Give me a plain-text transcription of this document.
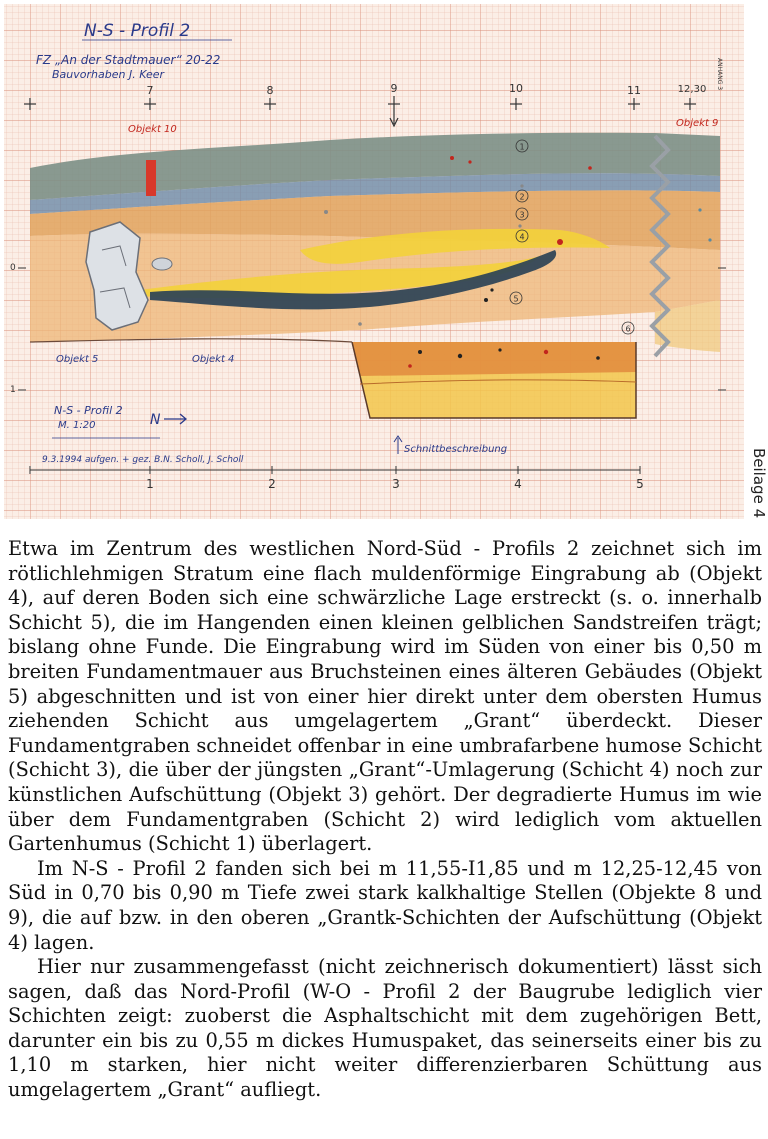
1
2
3
4
5
6
N-S - Profil 2
FZ „An der Stadtmauer“ 20-22
Bauvorhaben J. Keer	ANHANG 3
7	8	9	10	11	12,30
Objekt 10
Objekt 9
Objekt 5	Objekt 4
0
1
N-S - Profil 2
M. 1:20	N
9.3.1994 aufgen. + gez. B.N. Scholl, J. Scholl
Schnittbeschreibung
1	2	3	4	5	Beilage 4

Etwa im Zentrum des westlichen Nord-Süd - Profils 2 zeichnet sich im rötlichlehmigen Stratum eine flach muldenförmige Eingrabung ab (Objekt 4), auf deren Boden sich eine schwärzliche Lage erstreckt (s. o. innerhalb Schicht 5), die im Hangenden einen kleinen gelblichen Sandstreifen trägt; bislang ohne Funde. Die Eingrabung wird im Süden von einer bis 0,50 m breiten Fundamentmauer aus Bruchsteinen eines älteren Gebäudes (Objekt 5) abgeschnitten und ist von einer hier direkt unter dem obersten Humus ziehenden Schicht aus umgelagertem „Grant“ überdeckt. Dieser Fundamentgraben schneidet offenbar in eine umbrafarbene humose Schicht (Schicht 3), die über der jüngsten „Grant“-Umlagerung (Schicht 4) noch zur künstlichen Aufschüttung (Objekt 3) gehört. Der degradierte Humus im wie über dem Fundamentgraben (Schicht 2) wird lediglich vom aktuellen Gartenhumus (Schicht 1) überlagert.

Im N-S - Profil 2 fanden sich bei m 11,55-I1,85 und m 12,25-12,45 von Süd in 0,70 bis 0,90 m Tiefe zwei stark kalkhaltige Stellen (Objekte 8 und 9), die auf bzw. in den oberen „Grantk-Schichten der Aufschüttung (Objekt 4) lagen.

Hier nur zusammengefasst (nicht zeichnerisch dokumentiert) lässt sich sagen, daß das Nord-Profil (W-O - Profil 2 der Baugrube lediglich vier Schichten zeigt: zuoberst die Asphaltschicht mit dem zugehörigen Bett, darunter ein bis zu 0,55 m dickes Humuspaket, das seinerseits einer bis zu 1,10 m starken, hier nicht weiter differenzierbaren Schüttung aus umgelagertem „Grant“ aufliegt.
